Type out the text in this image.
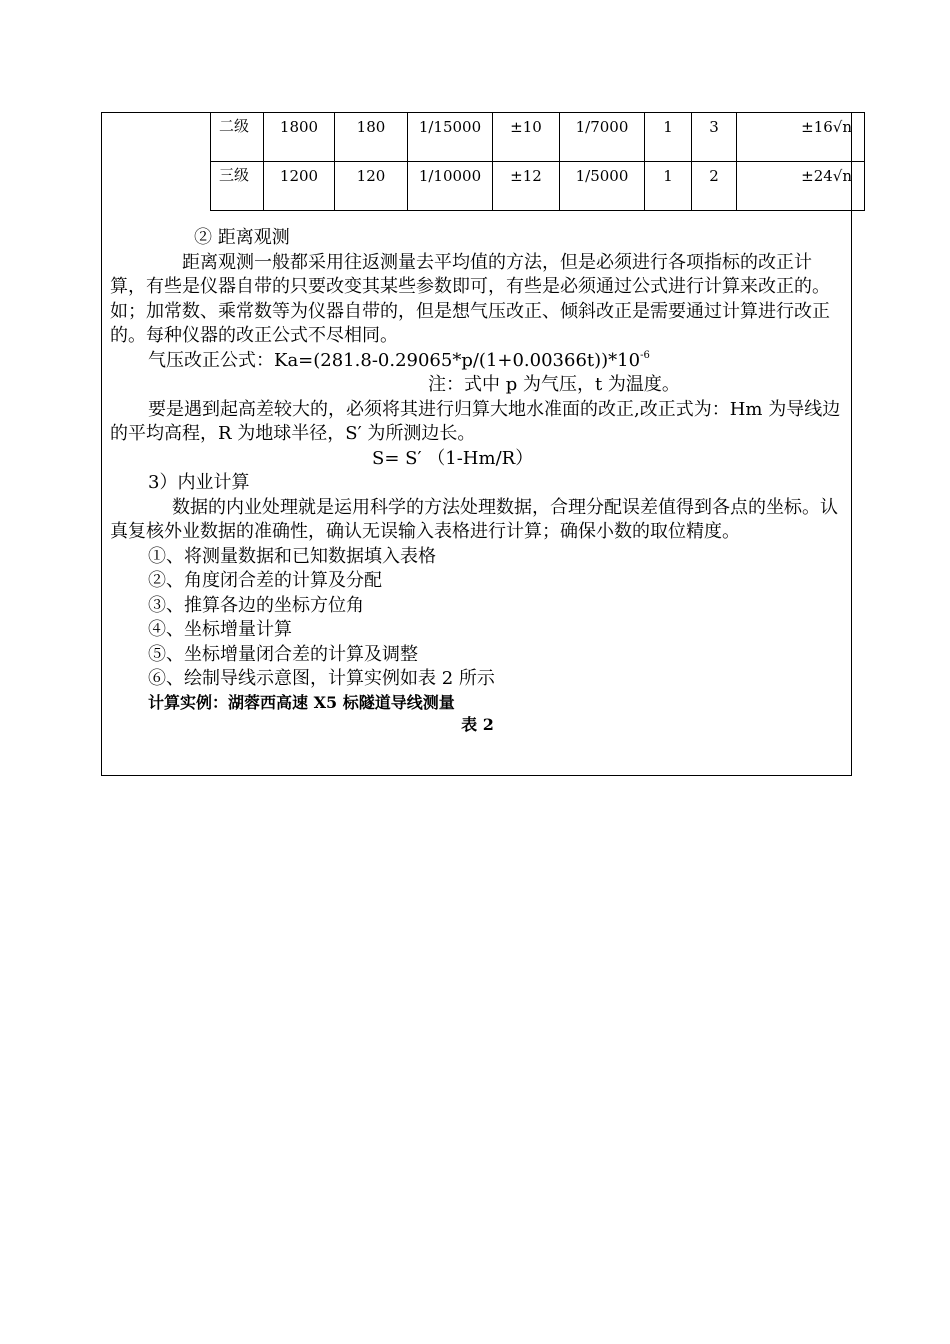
二级	1800	180	1/15000	±10	1/7000	1	3	±16√n
三级	1200	120	1/10000	±12	1/5000	1	2	±24√n

② 距离观测

距离观测一般都采用往返测量去平均值的方法，但是必须进行各项指标的改正计算，有些是仪器自带的只要改变其某些参数即可，有些是必须通过公式进行计算来改正的。如；加常数、乘常数等为仪器自带的，但是想气压改正、倾斜改正是需要通过计算进行改正的。每种仪器的改正公式不尽相同。

气压改正公式：$Ka=(281.8-0.29065*p/(1+0.00366t))*10^{-6}$

注：式中 p 为气压，t 为温度。

要是遇到起高差较大的，必须将其进行归算大地水准面的改正,改正式为：Hm 为导线边的平均高程，R 为地球半径，S′ 为所测边长。

S= S′ （1-Hm/R）

3）内业计算

数据的内业处理就是运用科学的方法处理数据，合理分配误差值得到各点的坐标。认真复核外业数据的准确性，确认无误输入表格进行计算；确保小数的取位精度。

①、将测量数据和已知数据填入表格

②、角度闭合差的计算及分配

③、推算各边的坐标方位角

④、坐标增量计算

⑤、坐标增量闭合差的计算及调整

⑥、绘制导线示意图，计算实例如表 2 所示

计算实例：湖蓉西高速 X5 标隧道导线测量

表 2
